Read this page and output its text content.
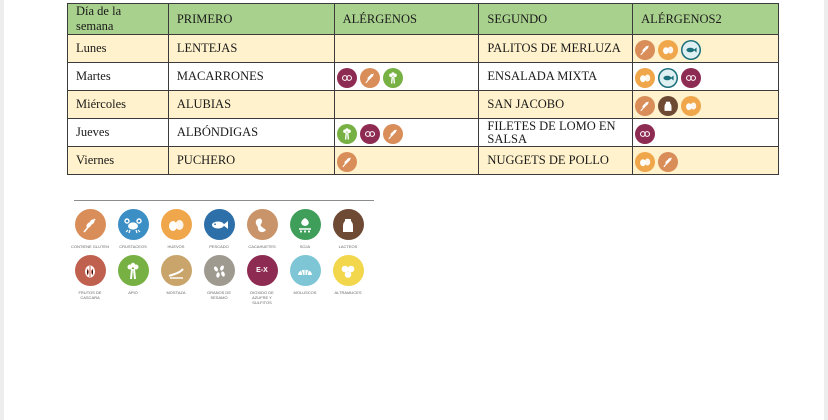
Día de la semana	PRIMERO	ALÉRGENOS	SEGUNDO	ALÉRGENOS2
Lunes	LENTEJAS		PALITOS DE MERLUZA	

Martes	MACARRONES		ENSALADA MIXTA	

Miércoles	ALUBIAS		SAN JACOBO	

Jueves	ALBÓNDIGAS		FILETES DE LOMO EN SALSA	

Viernes	PUCHERO		NUGGETS DE POLLO	
CONTIENE GLUTEN	CRUSTACEOS	HUEVOS	PESCADO	CACAHUETES	SOJA	LACTEOS
FRUTOS DE CASCARA
APIO	MOSTAZA	GRANOS DE SESAMO
E-X
DIOXIDO DE AZUFRE Y SULFITOS
MOLUSCOS	ALTRAMUCES
